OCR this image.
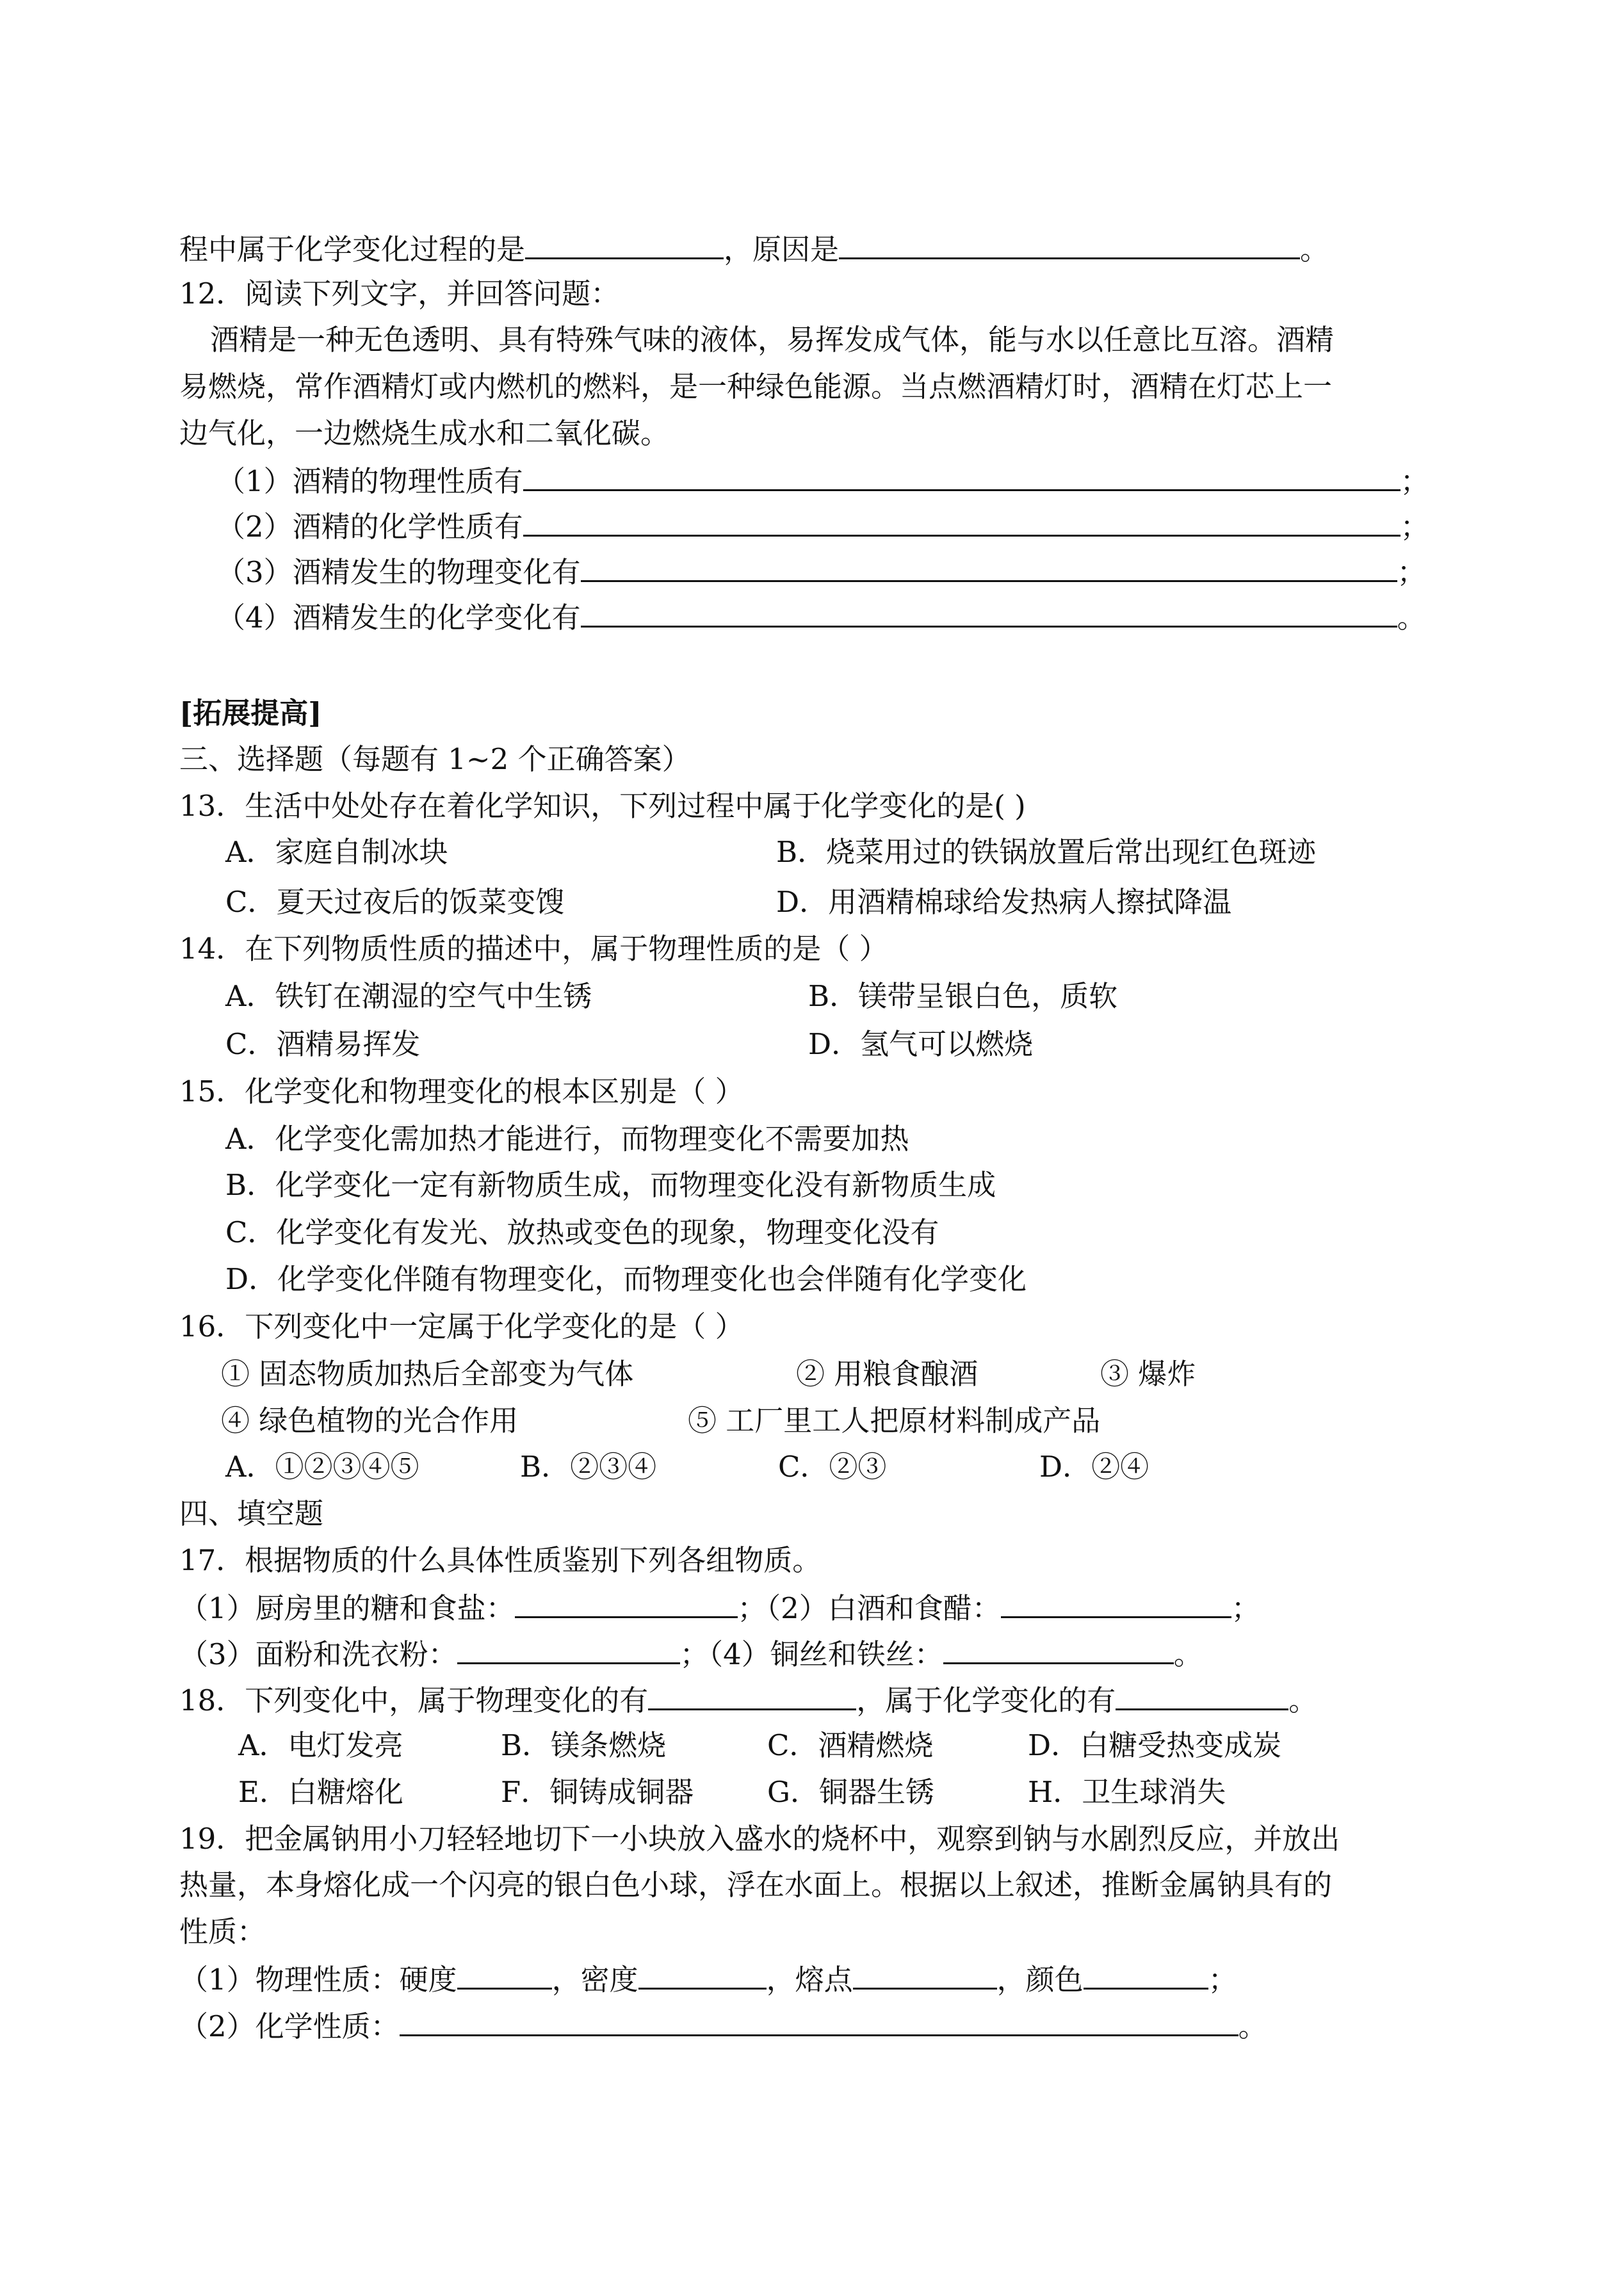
程中属于化学变化过程的是	，原因是	。
12．阅读下列文字，并回答问题：
酒精是一种无色透明、具有特殊气味的液体，易挥发成气体，能与水以任意比互溶。酒精
易燃烧，常作酒精灯或内燃机的燃料，是一种绿色能源。当点燃酒精灯时，酒精在灯芯上一
边气化，一边燃烧生成水和二氧化碳。
（1）酒精的物理性质有	；
（2）酒精的化学性质有	；
（3）酒精发生的物理变化有	；
（4）酒精发生的化学变化有	。
[拓展提高]
三、选择题（每题有 1~2 个正确答案）
13．生活中处处存在着化学知识，下列过程中属于化学变化的是( )
A．家庭自制冰块	B．烧菜用过的铁锅放置后常出现红色斑迹
C．夏天过夜后的饭菜变馊	D．用酒精棉球给发热病人擦拭降温
14．在下列物质性质的描述中，属于物理性质的是（ ）
A．铁钉在潮湿的空气中生锈	B．镁带呈银白色，质软
C．酒精易挥发	D．氢气可以燃烧
15．化学变化和物理变化的根本区别是（ ）
A．化学变化需加热才能进行，而物理变化不需要加热
B．化学变化一定有新物质生成，而物理变化没有新物质生成
C．化学变化有发光、放热或变色的现象，物理变化没有
D．化学变化伴随有物理变化，而物理变化也会伴随有化学变化
16．下列变化中一定属于化学变化的是（ ）
① 固态物质加热后全部变为气体	② 用粮食酿酒	③ 爆炸
④ 绿色植物的光合作用	⑤ 工厂里工人把原材料制成产品
A．①②③④⑤	B．②③④	C．②③	D．②④
四、填空题
17．根据物质的什么具体性质鉴别下列各组物质。
（1）厨房里的糖和食盐：	；（2）白酒和食醋：	；
（3）面粉和洗衣粉：	；（4）铜丝和铁丝：	。
18．下列变化中，属于物理变化的有	，属于化学变化的有	。
A．电灯发亮	B．镁条燃烧	C．酒精燃烧	D．白糖受热变成炭
E．白糖熔化	F．铜铸成铜器	G．铜器生锈	H．卫生球消失
19．把金属钠用小刀轻轻地切下一小块放入盛水的烧杯中，观察到钠与水剧烈反应，并放出
热量，本身熔化成一个闪亮的银白色小球，浮在水面上。根据以上叙述，推断金属钠具有的
性质：
（1）物理性质：硬度	，密度	，熔点	，颜色	；
（2）化学性质：	。
